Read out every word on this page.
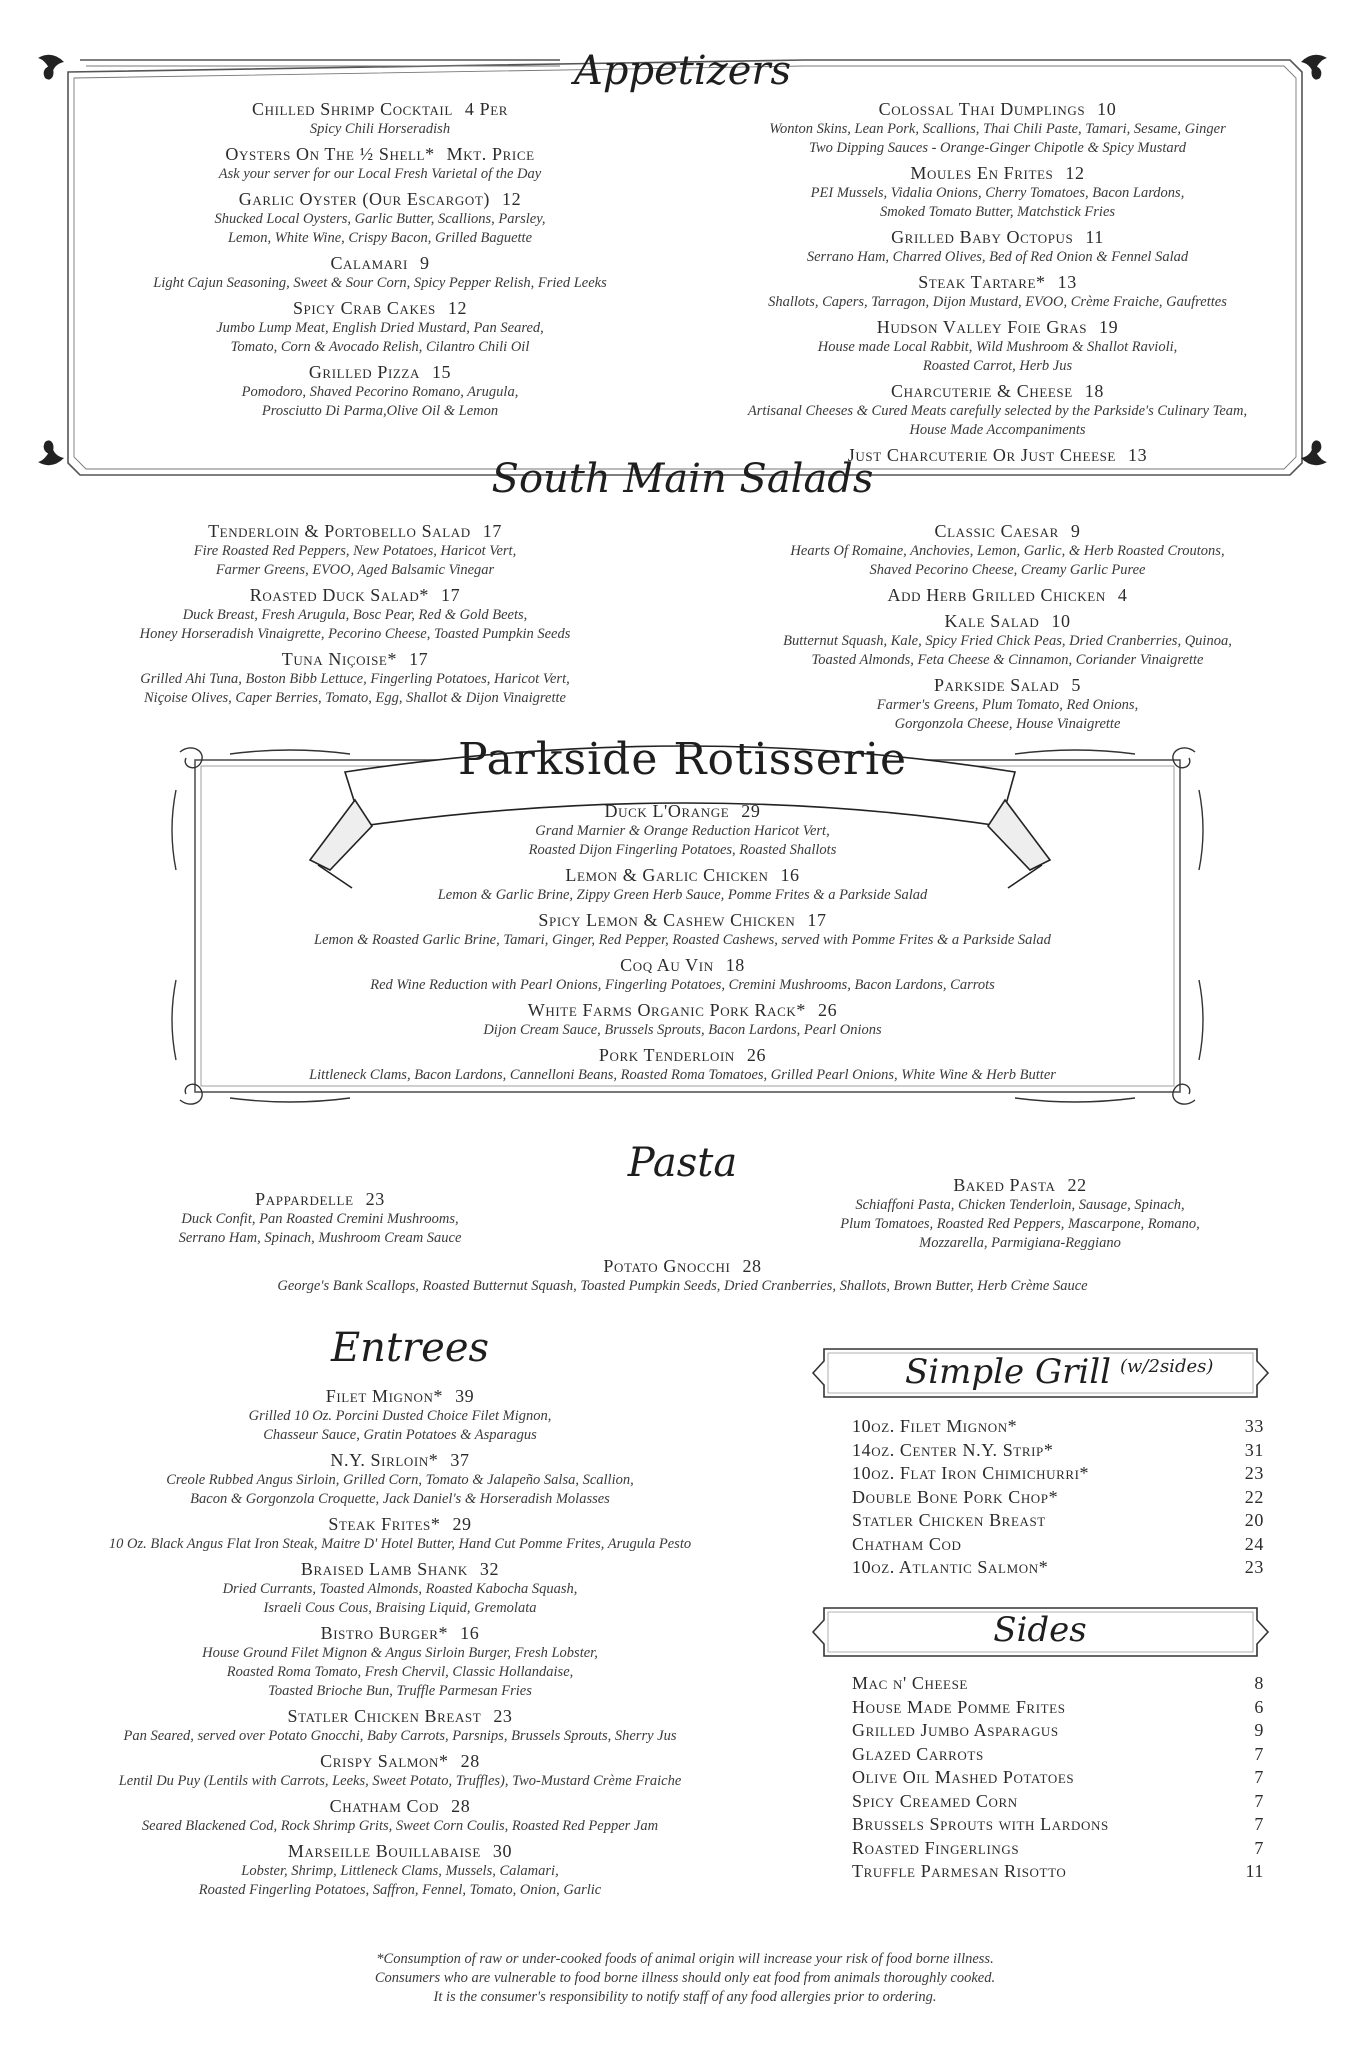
Appetizers
Chilled Shrimp Cocktail 4 Per
Spicy Chili Horseradish
Oysters On The ½ Shell* Mkt. Price
Ask your server for our Local Fresh Varietal of the Day
Garlic Oyster (Our Escargot) 12
Shucked Local Oysters, Garlic Butter, Scallions, Parsley,
Lemon, White Wine, Crispy Bacon, Grilled Baguette
Calamari 9
Light Cajun Seasoning, Sweet & Sour Corn, Spicy Pepper Relish, Fried Leeks
Spicy Crab Cakes 12
Jumbo Lump Meat, English Dried Mustard, Pan Seared,
Tomato, Corn & Avocado Relish, Cilantro Chili Oil
Grilled Pizza 15
Pomodoro, Shaved Pecorino Romano, Arugula,
Prosciutto Di Parma,Olive Oil & Lemon
Colossal Thai Dumplings 10
Wonton Skins, Lean Pork, Scallions, Thai Chili Paste, Tamari, Sesame, Ginger
Two Dipping Sauces - Orange-Ginger Chipotle & Spicy Mustard
Moules En Frites 12
PEI Mussels, Vidalia Onions, Cherry Tomatoes, Bacon Lardons,
Smoked Tomato Butter, Matchstick Fries
Grilled Baby Octopus 11
Serrano Ham, Charred Olives, Bed of Red Onion & Fennel Salad
Steak Tartare* 13
Shallots, Capers, Tarragon, Dijon Mustard, EVOO, Crème Fraiche, Gaufrettes
Hudson Valley Foie Gras 19
House made Local Rabbit, Wild Mushroom & Shallot Ravioli,
Roasted Carrot, Herb Jus
Charcuterie & Cheese 18
Artisanal Cheeses & Cured Meats carefully selected by the Parkside's Culinary Team,
House Made Accompaniments
Just Charcuterie Or Just Cheese 13
South Main Salads
Tenderloin & Portobello Salad 17
Fire Roasted Red Peppers, New Potatoes, Haricot Vert,
Farmer Greens, EVOO, Aged Balsamic Vinegar
Roasted Duck Salad* 17
Duck Breast, Fresh Arugula, Bosc Pear, Red & Gold Beets,
Honey Horseradish Vinaigrette, Pecorino Cheese, Toasted Pumpkin Seeds
Tuna Niçoise* 17
Grilled Ahi Tuna, Boston Bibb Lettuce, Fingerling Potatoes, Haricot Vert,
Niçoise Olives, Caper Berries, Tomato, Egg, Shallot & Dijon Vinaigrette
Classic Caesar 9
Hearts Of Romaine, Anchovies, Lemon, Garlic, & Herb Roasted Croutons,
Shaved Pecorino Cheese, Creamy Garlic Puree
Add Herb Grilled Chicken 4
Kale Salad 10
Butternut Squash, Kale, Spicy Fried Chick Peas, Dried Cranberries, Quinoa,
Toasted Almonds, Feta Cheese & Cinnamon, Coriander Vinaigrette
Parkside Salad 5
Farmer's Greens, Plum Tomato, Red Onions,
Gorgonzola Cheese, House Vinaigrette
Parkside Rotisserie
Duck L'Orange 29
Grand Marnier & Orange Reduction Haricot Vert,
Roasted Dijon Fingerling Potatoes, Roasted Shallots
Lemon & Garlic Chicken 16
Lemon & Garlic Brine, Zippy Green Herb Sauce, Pomme Frites & a Parkside Salad
Spicy Lemon & Cashew Chicken 17
Lemon & Roasted Garlic Brine, Tamari, Ginger, Red Pepper, Roasted Cashews, served with Pomme Frites & a Parkside Salad
Coq Au Vin 18
Red Wine Reduction with Pearl Onions, Fingerling Potatoes, Cremini Mushrooms, Bacon Lardons, Carrots
White Farms Organic Pork Rack* 26
Dijon Cream Sauce, Brussels Sprouts, Bacon Lardons, Pearl Onions
Pork Tenderloin 26
Littleneck Clams, Bacon Lardons, Cannelloni Beans, Roasted Roma Tomatoes, Grilled Pearl Onions, White Wine & Herb Butter
Pasta
Pappardelle 23
Duck Confit, Pan Roasted Cremini Mushrooms,
Serrano Ham, Spinach, Mushroom Cream Sauce
Baked Pasta 22
Schiaffoni Pasta, Chicken Tenderloin, Sausage, Spinach,
Plum Tomatoes, Roasted Red Peppers, Mascarpone, Romano,
Mozzarella, Parmigiana-Reggiano
Potato Gnocchi 28
George's Bank Scallops, Roasted Butternut Squash, Toasted Pumpkin Seeds, Dried Cranberries, Shallots, Brown Butter, Herb Crème Sauce
Entrees
Filet Mignon* 39
Grilled 10 Oz. Porcini Dusted Choice Filet Mignon,
Chasseur Sauce, Gratin Potatoes & Asparagus
N.Y. Sirloin* 37
Creole Rubbed Angus Sirloin, Grilled Corn, Tomato & Jalapeño Salsa, Scallion,
Bacon & Gorgonzola Croquette, Jack Daniel's & Horseradish Molasses
Steak Frites* 29
10 Oz. Black Angus Flat Iron Steak, Maitre D' Hotel Butter, Hand Cut Pomme Frites, Arugula Pesto
Braised Lamb Shank 32
Dried Currants, Toasted Almonds, Roasted Kabocha Squash,
Israeli Cous Cous, Braising Liquid, Gremolata
Bistro Burger* 16
House Ground Filet Mignon & Angus Sirloin Burger, Fresh Lobster,
Roasted Roma Tomato, Fresh Chervil, Classic Hollandaise,
Toasted Brioche Bun, Truffle Parmesan Fries
Statler Chicken Breast 23
Pan Seared, served over Potato Gnocchi, Baby Carrots, Parsnips, Brussels Sprouts, Sherry Jus
Crispy Salmon* 28
Lentil Du Puy (Lentils with Carrots, Leeks, Sweet Potato, Truffles), Two-Mustard Crème Fraiche
Chatham Cod 28
Seared Blackened Cod, Rock Shrimp Grits, Sweet Corn Coulis, Roasted Red Pepper Jam
Marseille Bouillabaise 30
Lobster, Shrimp, Littleneck Clams, Mussels, Calamari,
Roasted Fingerling Potatoes, Saffron, Fennel, Tomato, Onion, Garlic
Simple Grill (w/2sides)
10oz. Filet Mignon*	33
14oz. Center N.Y. Strip*	31
10oz. Flat Iron Chimichurri*	23
Double Bone Pork Chop*	22
Statler Chicken Breast	20
Chatham Cod	24
10oz. Atlantic Salmon*	23
Sides
Mac n' Cheese	8
House Made Pomme Frites	6
Grilled Jumbo Asparagus	9
Glazed Carrots	7
Olive Oil Mashed Potatoes	7
Spicy Creamed Corn	7
Brussels Sprouts with Lardons	7
Roasted Fingerlings	7
Truffle Parmesan Risotto	11
*Consumption of raw or under-cooked foods of animal origin will increase your risk of food borne illness.
Consumers who are vulnerable to food borne illness should only eat food from animals thoroughly cooked.
It is the consumer's responsibility to notify staff of any food allergies prior to ordering.
